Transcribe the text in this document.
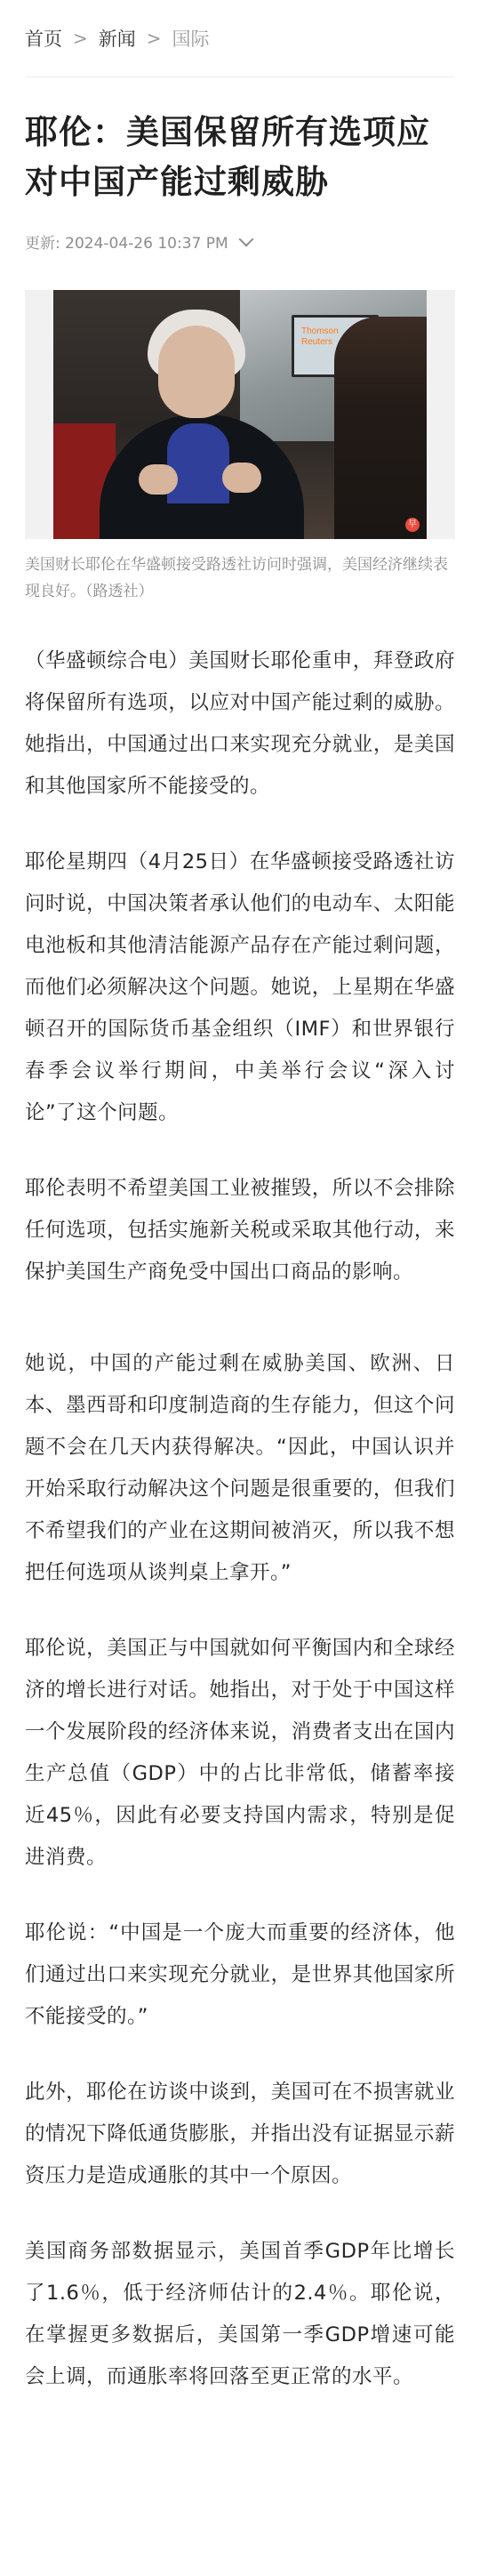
首页 > 新闻 > 国际
耶伦：美国保留所有选项应对中国产能过剩威胁
更新: 2024-04-26 10:37 PM
Thomson
Reuters
早
美国财长耶伦在华盛顿接受路透社访问时强调，美国经济继续表现良好。（路透社）

（华盛顿综合电）美国财长耶伦重申，拜登政府将保留所有选项，以应对中国产能过剩的威胁。她指出，中国通过出口来实现充分就业，是美国和其他国家所不能接受的。

耶伦星期四（4月25日）在华盛顿接受路透社访问时说，中国决策者承认他们的电动车、太阳能电池板和其他清洁能源产品存在产能过剩问题，而他们必须解决这个问题。她说，上星期在华盛顿召开的国际货币基金组织（IMF）和世界银行春季会议举行期间，中美举行会议“深入讨论”了这个问题。

耶伦表明不希望美国工业被摧毁，所以不会排除任何选项，包括实施新关税或采取其他行动，来保护美国生产商免受中国出口商品的影响。

她说，中国的产能过剩在威胁美国、欧洲、日本、墨西哥和印度制造商的生存能力，但这个问题不会在几天内获得解决。“因此，中国认识并开始采取行动解决这个问题是很重要的，但我们不希望我们的产业在这期间被消灭，所以我不想把任何选项从谈判桌上拿开。”

耶伦说，美国正与中国就如何平衡国内和全球经济的增长进行对话。她指出，对于处于中国这样一个发展阶段的经济体来说，消费者支出在国内生产总值（GDP）中的占比非常低，储蓄率接近45％，因此有必要支持国内需求，特别是促进消费。

耶伦说：“中国是一个庞大而重要的经济体，他们通过出口来实现充分就业，是世界其他国家所不能接受的。”

此外，耶伦在访谈中谈到，美国可在不损害就业的情况下降低通货膨胀，并指出没有证据显示薪资压力是造成通胀的其中一个原因。

美国商务部数据显示，美国首季GDP年比增长了1.6％，低于经济师估计的2.4％。耶伦说，在掌握更多数据后，美国第一季GDP增速可能会上调，而通胀率将回落至更正常的水平。
